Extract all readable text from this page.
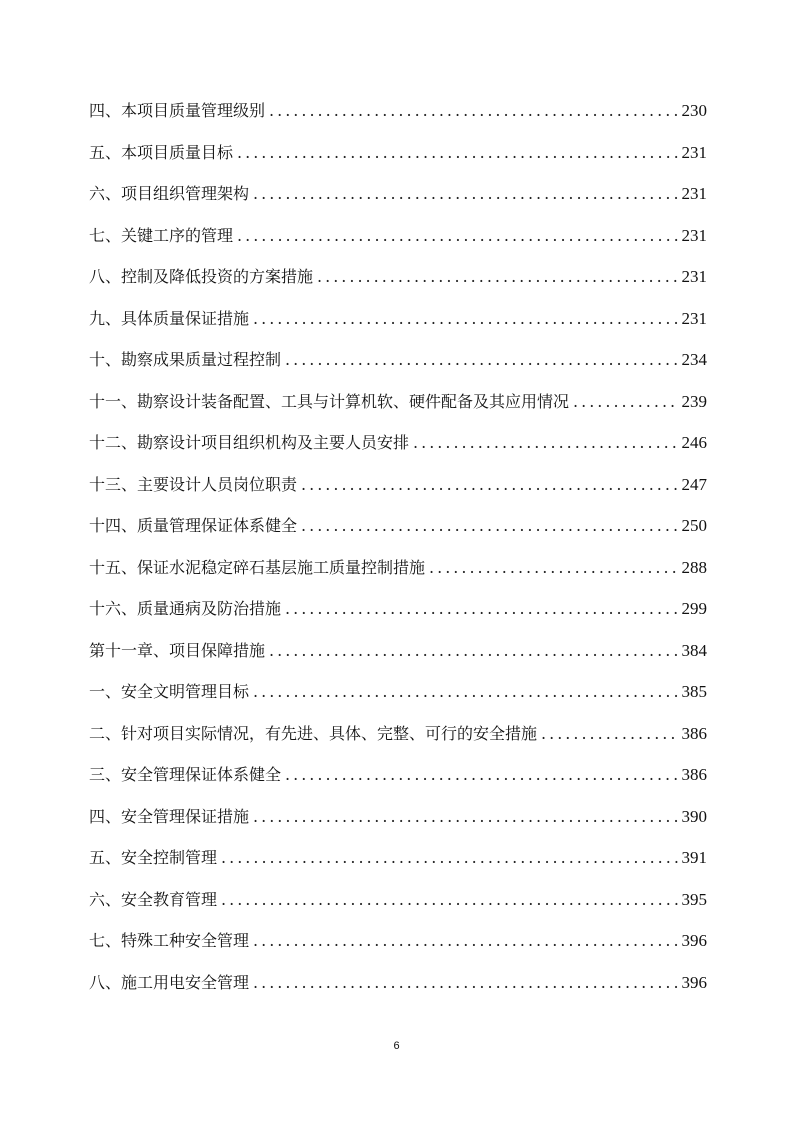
四、本项目质量管理级别 .....	230
五、本项目质量目标 .....	231
六、项目组织管理架构 .....	231
七、关键工序的管理 .....	231
八、控制及降低投资的方案措施 .....	231
九、具体质量保证措施 .....	231
十、勘察成果质量过程控制 .....	234
十一、勘察设计装备配置、工具与计算机软、硬件配备及其应用情况 .....	239
十二、勘察设计项目组织机构及主要人员安排 .....	246
十三、主要设计人员岗位职责 .....	247
十四、质量管理保证体系健全 .....	250
十五、保证水泥稳定碎石基层施工质量控制措施 .....	288
十六、质量通病及防治措施 .....	299
第十一章、项目保障措施 .....	384
一、安全文明管理目标 .....	385
二、针对项目实际情况，有先进、具体、完整、可行的安全措施 .....	386
三、安全管理保证体系健全 .....	386
四、安全管理保证措施 .....	390
五、安全控制管理 .....	391
六、安全教育管理 .....	395
七、特殊工种安全管理 .....	396
八、施工用电安全管理 .....	396
6
